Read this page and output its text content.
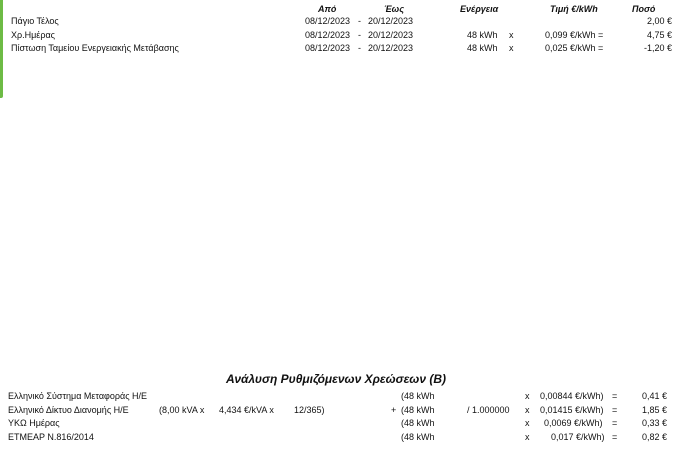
Από	Έως	Ενέργεια	Τιμή €/kWh	Ποσό
Πάγιο Τέλος	08/12/2023 - 20/12/2023	2,00 €
Χρ.Ημέρας	08/12/2023 - 20/12/2023	48 kWh x	0,099 €/kWh =	4,75 €
Πίστωση Ταμείου Ενεργειακής Μετάβασης	08/12/2023 - 20/12/2023	48 kWh x	0,025 €/kWh =	-1,20 €
Ανάλυση Ρυθμιζόμενων Χρεώσεων (Β)
Ελληνικό Σύστημα Μεταφοράς Η/Ε	(48 kWh	x 0,00844 €/kWh) =	0,41 €
Ελληνικό Δίκτυο Διανομής Η/Ε	(8,00 kVA x 4,434 €/kVA x 12/365)	+ (48 kWh	/ 1.000000 x 0,01415 €/kWh) =	1,85 €
ΥΚΩ Ημέρας	(48 kWh	x 0,0069 €/kWh) =	0,33 €
ΕΤΜΕΑΡ Ν.816/2014	(48 kWh	x 0,017 €/kWh) =	0,82 €
